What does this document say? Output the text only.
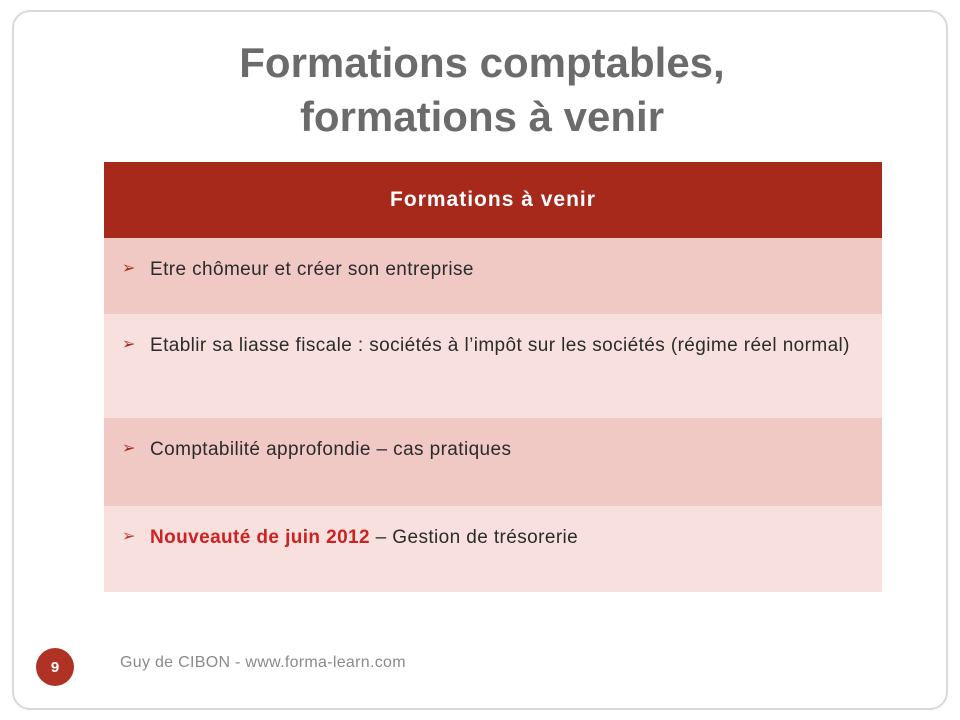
Formations comptables,
formations à venir
Formations à venir
➢ Etre chômeur et créer son entreprise
➢ Etablir sa liasse fiscale : sociétés à l’impôt sur les sociétés (régime réel normal)
➢ Comptabilité approfondie – cas pratiques
➢ Nouveauté de juin 2012 – Gestion de trésorerie
Guy de CIBON - www.forma-learn.com
9
